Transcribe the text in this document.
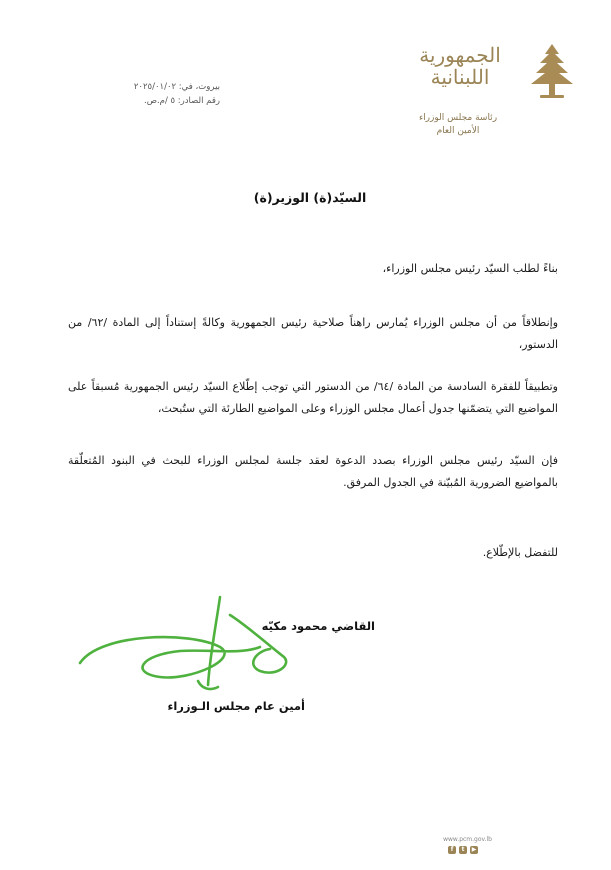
الجمهورية
اللبنانية
رئاسة مجلس الوزراء
الأمين العام
بيروت، في: ٢٠٢٥/٠١/٠٢
رقم الصادر: ٥ /م.ص.
السيّد(ة) الوزير(ة)
بناءً لطلب السيّد رئيس مجلس الوزراء،
وإنطلاقاً من أن مجلس الوزراء يُمارس راهناً صلاحية رئيس الجمهورية وكالةً إستناداً إلى المادة /٦٢/ من الدستور،
وتطبيقاً للفقرة السادسة من المادة /٦٤/ من الدستور التي توجب إطّلاع السيّد رئيس الجمهورية مُسبقاً على المواضيع التي يتضمّنها جدول أعمال مجلس الوزراء وعلى المواضيع الطارئة التي ستُبحث،
فإن السيّد رئيس مجلس الوزراء بصدد الدعوة لعقد جلسة لمجلس الوزراء للبحث في البنود المُتعلّقة بالمواضيع الضرورية المُبيّنة في الجدول المرفق.
للتفضل بالإطّلاع.
القاضي محمود مكيّه
أمين عام مجلس الـوزراء
www.pcm.gov.lb
f	t	▶
